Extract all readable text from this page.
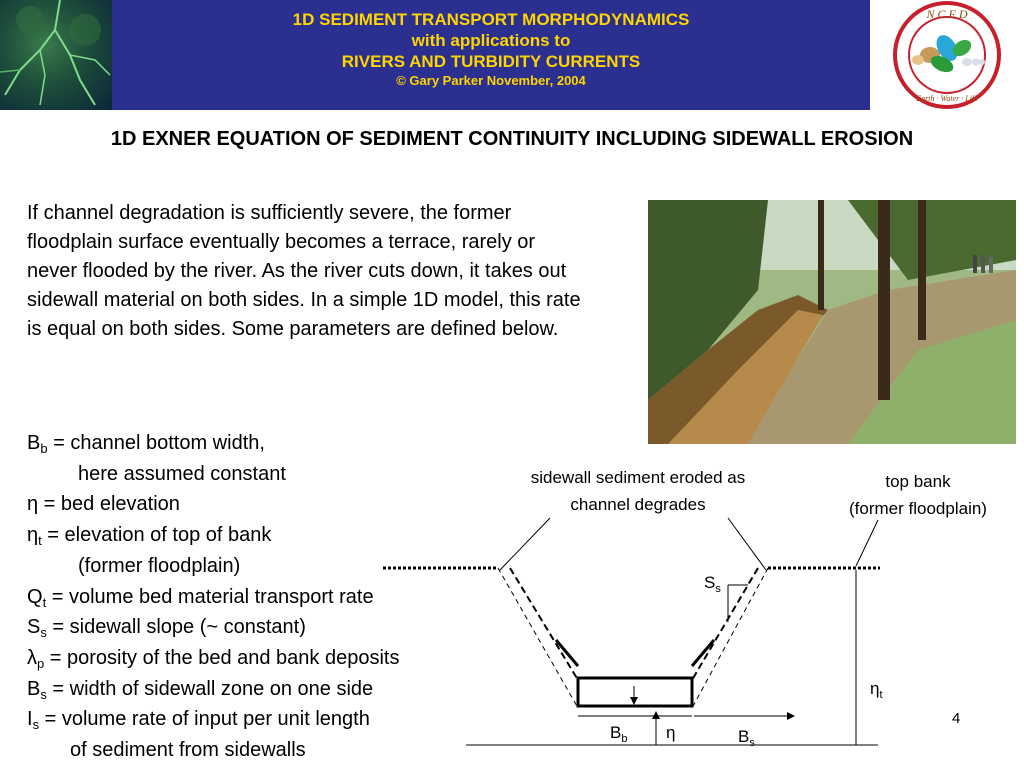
1D SEDIMENT TRANSPORT MORPHODYNAMICS
with applications to
RIVERS AND TURBIDITY CURRENTS
© Gary Parker November, 2004
N C E D
Earth · Water · Life
1D EXNER EQUATION OF SEDIMENT CONTINUITY INCLUDING SIDEWALL EROSION
If channel degradation is sufficiently severe, the former floodplain surface eventually becomes a terrace, rarely or never flooded by the river. As the river cuts down, it takes out sidewall material on both sides. In a simple 1D model, this rate is equal on both sides. Some parameters are defined below.
$B_b$ = channel bottom width,
here assumed constant
η = bed elevation
$\eta_t$ = elevation of top of bank
(former floodplain)
$Q_t$ = volume bed material transport rate
$S_s$ = sidewall slope (~ constant)
$\lambda_p$ = porosity of the bed and bank deposits
$B_s$ = width of sidewall zone on one side
$I_s$ = volume rate of input per unit length
of sediment from sidewalls
sidewall sediment eroded as
channel degrades
top bank
(former floodplain)
$S_s$
$\eta_t$
$B_b$ η	$B_s$
4
